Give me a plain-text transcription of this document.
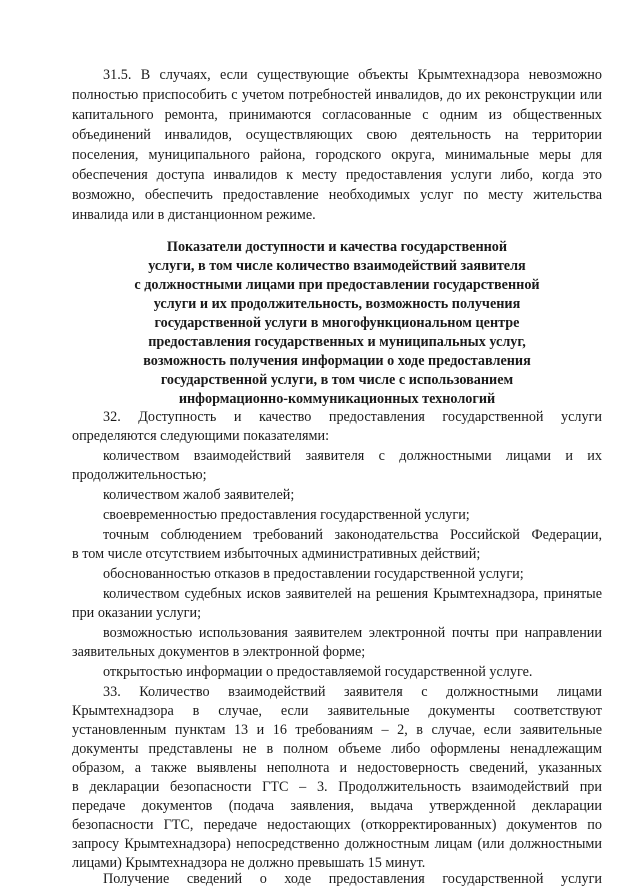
31.5. В случаях, если существующие объекты Крымтехнадзора невозможно
полностью приспособить с учетом потребностей инвалидов, до их реконструкции или
капитального ремонта, принимаются согласованные с одним из общественных
объединений инвалидов, осуществляющих свою деятельность на территории
поселения, муниципального района, городского округа, минимальные меры для
обеспечения доступа инвалидов к месту предоставления услуги либо, когда это
возможно, обеспечить предоставление необходимых услуг по месту жительства
инвалида или в дистанционном режиме.
Показатели доступности и качества государственной
услуги, в том числе количество взаимодействий заявителя
с должностными лицами при предоставлении государственной
услуги и их продолжительность, возможность получения
государственной услуги в многофункциональном центре
предоставления государственных и муниципальных услуг,
возможность получения информации о ходе предоставления
государственной услуги, в том числе с использованием
информационно-коммуникационных технологий
32. Доступность и качество предоставления государственной услуги
определяются следующими показателями:
количеством взаимодействий заявителя с должностными лицами и их
продолжительностью;
количеством жалоб заявителей;
своевременностью предоставления государственной услуги;
точным соблюдением требований законодательства Российской Федерации,
в том числе отсутствием избыточных административных действий;
обоснованностью отказов в предоставлении государственной услуги;
количеством судебных исков заявителей на решения Крымтехнадзора, принятые
при оказании услуги;
возможностью использования заявителем электронной почты при направлении
заявительных документов в электронной форме;
открытостью информации о предоставляемой государственной услуге.
33. Количество взаимодействий заявителя с должностными лицами
Крымтехнадзора в случае, если заявительные документы соответствуют
установленным пунктам 13 и 16 требованиям – 2, в случае, если заявительные
документы представлены не в полном объеме либо оформлены ненадлежащим
образом, а также выявлены неполнота и недостоверность сведений, указанных
в декларации безопасности ГТС – 3. Продолжительность взаимодействий при
передаче документов (подача заявления, выдача утвержденной декларации
безопасности ГТС, передаче недостающих (откорректированных) документов по
запросу Крымтехнадзора) непосредственно должностным лицам (или должностными
лицами) Крымтехнадзора не должно превышать 15 минут.
Получение сведений о ходе предоставления государственной услуги
